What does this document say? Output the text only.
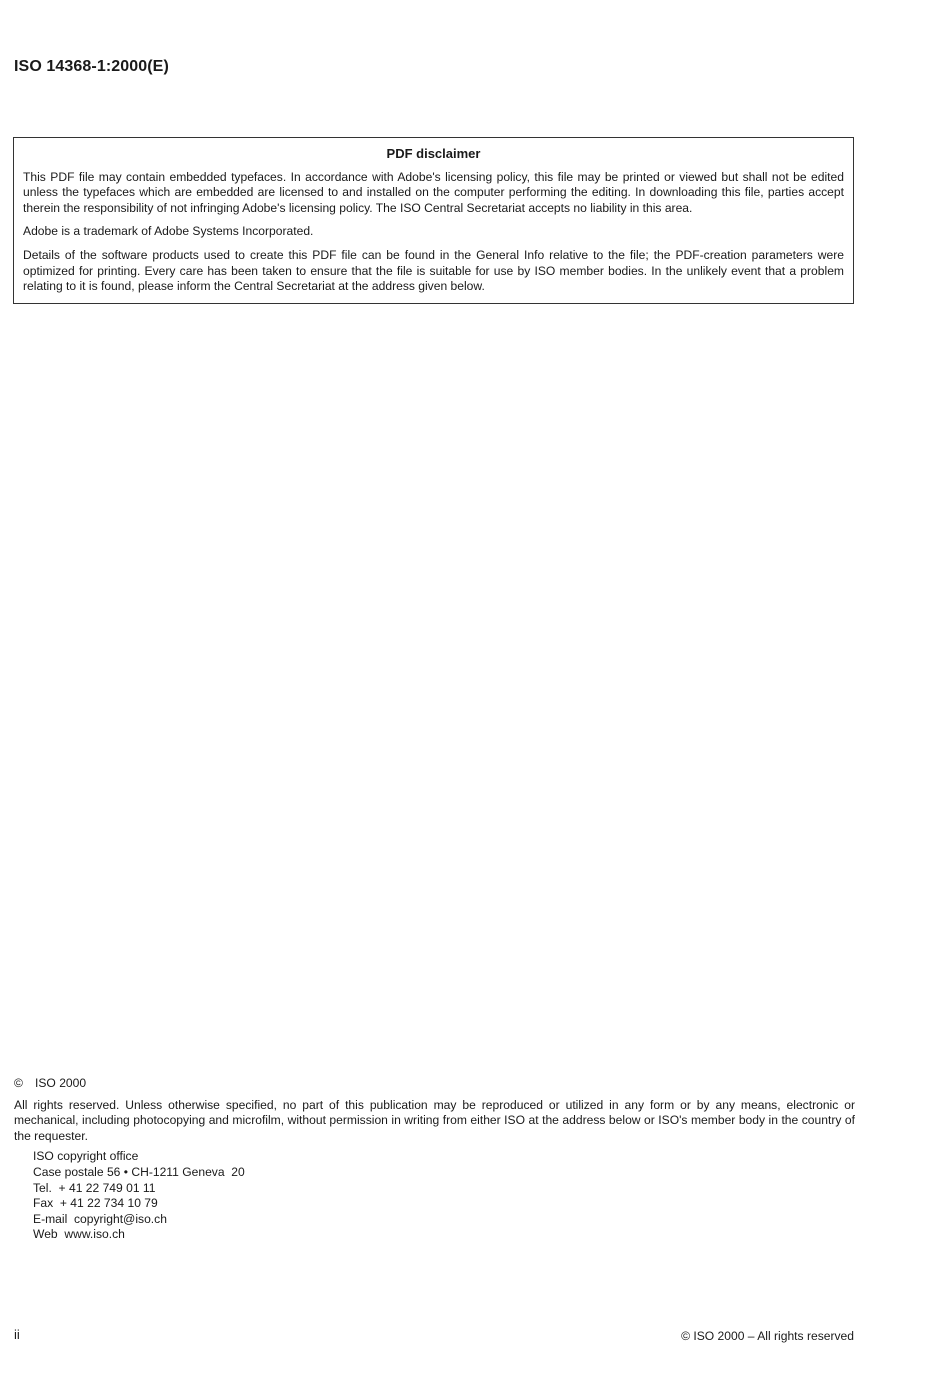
ISO 14368-1:2000(E)
PDF disclaimer

This PDF file may contain embedded typefaces. In accordance with Adobe's licensing policy, this file may be printed or viewed but shall not be edited unless the typefaces which are embedded are licensed to and installed on the computer performing the editing. In downloading this file, parties accept therein the responsibility of not infringing Adobe's licensing policy. The ISO Central Secretariat accepts no liability in this area.

Adobe is a trademark of Adobe Systems Incorporated.

Details of the software products used to create this PDF file can be found in the General Info relative to the file; the PDF-creation parameters were optimized for printing. Every care has been taken to ensure that the file is suitable for use by ISO member bodies. In the unlikely event that a problem relating to it is found, please inform the Central Secretariat at the address given below.

© ISO 2000
All rights reserved. Unless otherwise specified, no part of this publication may be reproduced or utilized in any form or by any means, electronic or mechanical, including photocopying and microfilm, without permission in writing from either ISO at the address below or ISO's member body in the country of the requester.
ISO copyright office
Case postale 56 • CH-1211 Geneva  20
Tel.  + 41 22 749 01 11
Fax  + 41 22 734 10 79
E-mail  copyright@iso.ch
Web  www.iso.ch
ii	© ISO 2000 – All rights reserved
